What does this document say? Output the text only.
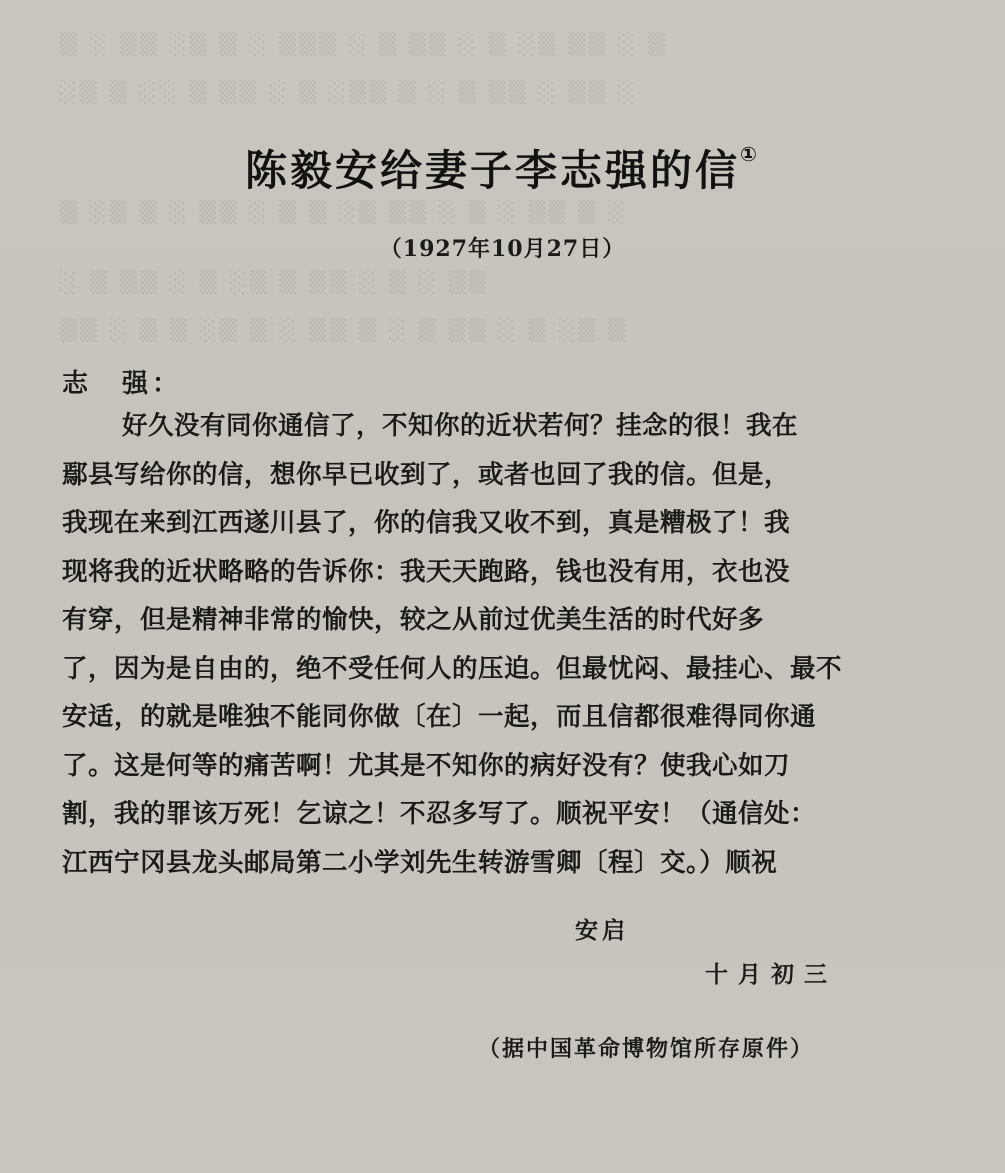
▒ ░ ▒▒ ░▒ ▒ ░ ▒▒▒ ░ ▒ ▒▒ ░ ▒ ░▒ ▒▒ ░ ▒
░▒ ▒ ░░ ▒ ▒▒ ░ ▒ ░▒▒ ▒ ░ ▒ ▒▒ ░ ▒▒ ░
▒ ░▒ ▒ ░ ▒▒ ░ ▒ ▒ ░▒ ▒▒ ░ ▒ ░ ▒▒ ▒ ░
░ ▒ ▒▒ ░ ▒ ░▒ ▒ ▒▒ ░ ▒ ░ ▒▒
▒▒ ░ ▒ ▒ ░▒ ▒ ░ ▒▒ ▒ ░ ▒ ▒▒ ░ ▒ ░▒ ▒
陈毅安给妻子李志强的信①
（1927年10月27日）
志　强：
好久没有同你通信了，不知你的近状若何？挂念的很！我在
鄢县写给你的信，想你早已收到了，或者也回了我的信。但是，
我现在来到江西遂川县了，你的信我又收不到，真是糟极了！我
现将我的近状略略的告诉你：我天天跑路，钱也没有用，衣也没
有穿，但是精神非常的愉快，较之从前过优美生活的时代好多
了，因为是自由的，绝不受任何人的压迫。但最忧闷、最挂心、最不
安适，的就是唯独不能同你做〔在〕一起，而且信都很难得同你通
了。这是何等的痛苦啊！尤其是不知你的病好没有？使我心如刀
割，我的罪该万死！乞谅之！不忍多写了。顺祝平安！（通信处：
江西宁冈县龙头邮局第二小学刘先生转游雪卿〔程〕交。）顺祝
安启
十月初三
（据中国革命博物馆所存原件）
